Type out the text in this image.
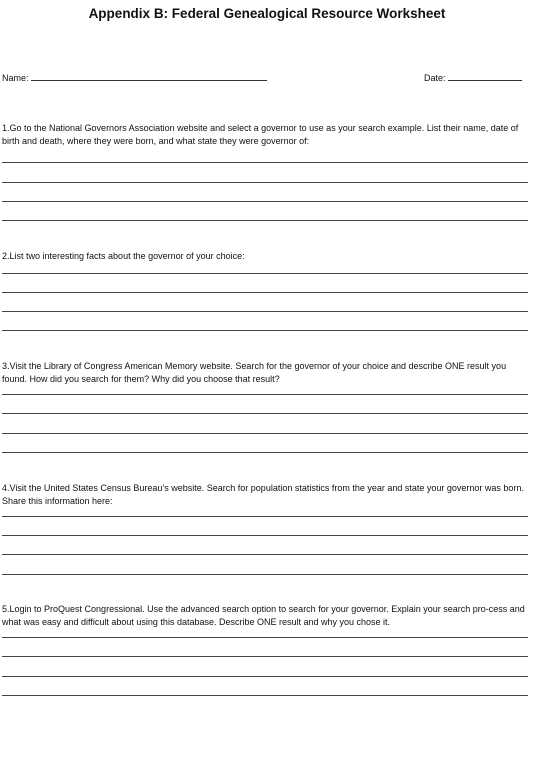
Appendix B: Federal Genealogical Resource Worksheet
Name:	Date:
1.Go to the National Governors Association website and select a governor to use as your search example. List their name, date of birth and death, where they were born, and what state they were governor of:
2.List two interesting facts about the governor of your choice:
3.Visit the Library of Congress American Memory website. Search for the governor of your choice and describe ONE result you found. How did you search for them? Why did you choose that result?
4.Visit the United States Census Bureau’s website. Search for population statistics from the year and state your governor was born. Share this information here:
5.Login to ProQuest Congressional. Use the advanced search option to search for your governor. Explain your search pro-cess and what was easy and difficult about using this database. Describe ONE result and why you chose it.
